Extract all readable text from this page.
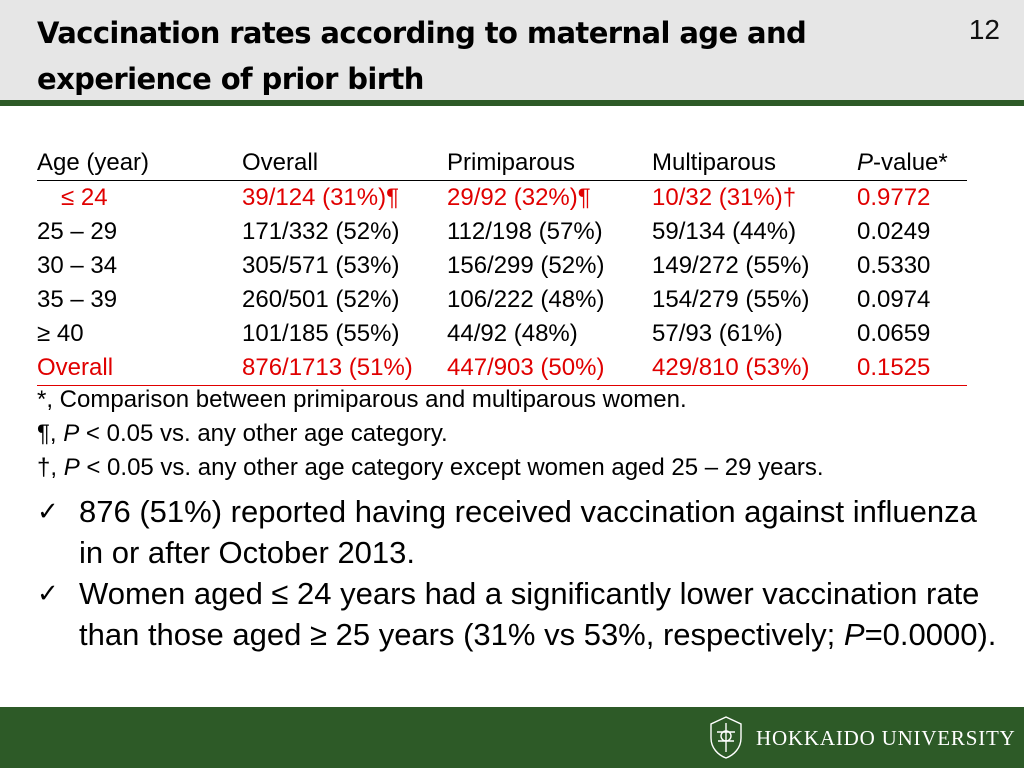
Vaccination rates according to maternal age and experience of prior birth
12
Age (year)	Overall	Primiparous	Multiparous	P-value*
≤ 24	39/124 (31%)¶	29/92 (32%)¶	10/32 (31%)†	0.9772
25 – 29	171/332 (52%)	112/198 (57%)	59/134 (44%)	0.0249
30 – 34	305/571 (53%)	156/299 (52%)	149/272 (55%)	0.5330
35 – 39	260/501 (52%)	106/222 (48%)	154/279 (55%)	0.0974
≥ 40	101/185 (55%)	44/92 (48%)	57/93 (61%)	0.0659
Overall	876/1713 (51%)	447/903 (50%)	429/810 (53%)	0.1525
*, Comparison between primiparous and multiparous women.
¶, P < 0.05 vs. any other age category.
†, P < 0.05 vs. any other age category except women aged 25 – 29 years.
✓ 876 (51%) reported having received vaccination against influenza in or after October 2013.
✓ Women aged ≤ 24 years had a significantly lower vaccination rate than those aged ≥ 25 years (31% vs 53%, respectively; P=0.0000).
HOKKAIDO UNIVERSITY
